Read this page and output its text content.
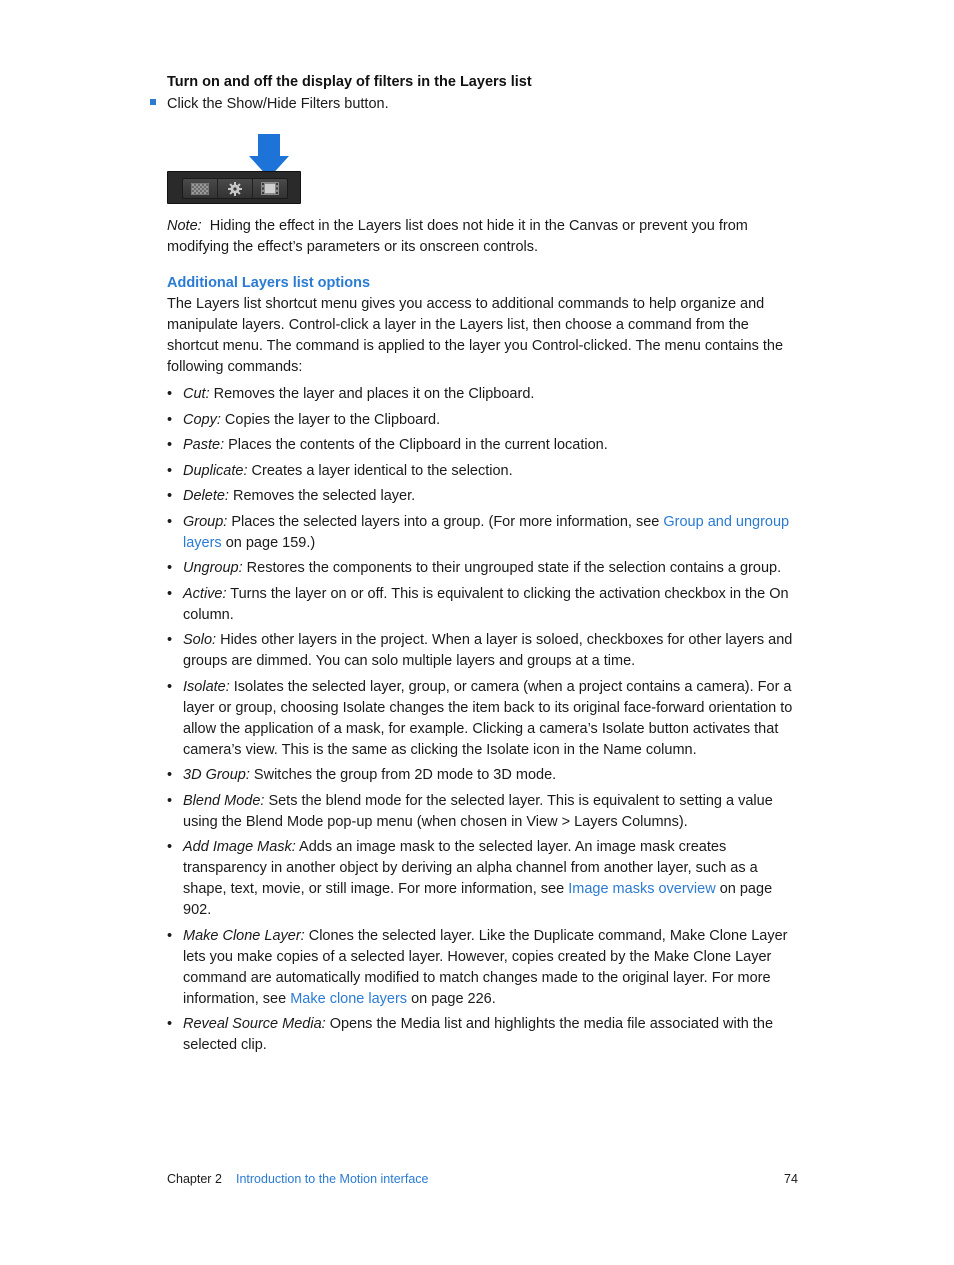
Turn on and off the display of filters in the Layers list
Click the Show/Hide Filters button.
Note: Hiding the effect in the Layers list does not hide it in the Canvas or prevent you from modifying the effect’s parameters or its onscreen controls.
Additional Layers list options
The Layers list shortcut menu gives you access to additional commands to help organize and manipulate layers. Control-click a layer in the Layers list, then choose a command from the shortcut menu. The command is applied to the layer you Control-clicked. The menu contains the following commands:
• Cut: Removes the layer and places it on the Clipboard.
• Copy: Copies the layer to the Clipboard.
• Paste: Places the contents of the Clipboard in the current location.
• Duplicate: Creates a layer identical to the selection.
• Delete: Removes the selected layer.
• Group: Places the selected layers into a group. (For more information, see Group and ungroup layers on page 159.)
• Ungroup: Restores the components to their ungrouped state if the selection contains a group.
• Active: Turns the layer on or off. This is equivalent to clicking the activation checkbox in the On column.
• Solo: Hides other layers in the project. When a layer is soloed, checkboxes for other layers and groups are dimmed. You can solo multiple layers and groups at a time.
• Isolate: Isolates the selected layer, group, or camera (when a project contains a camera). For a layer or group, choosing Isolate changes the item back to its original face-forward orientation to allow the application of a mask, for example. Clicking a camera’s Isolate button activates that camera’s view. This is the same as clicking the Isolate icon in the Name column.
• 3D Group: Switches the group from 2D mode to 3D mode.
• Blend Mode: Sets the blend mode for the selected layer. This is equivalent to setting a value using the Blend Mode pop-up menu (when chosen in View > Layers Columns).
• Add Image Mask: Adds an image mask to the selected layer. An image mask creates transparency in another object by deriving an alpha channel from another layer, such as a shape, text, movie, or still image. For more information, see Image masks overview on page 902.
• Make Clone Layer: Clones the selected layer. Like the Duplicate command, Make Clone Layer lets you make copies of a selected layer. However, copies created by the Make Clone Layer command are automatically modified to match changes made to the original layer. For more information, see Make clone layers on page 226.
• Reveal Source Media: Opens the Media list and highlights the media file associated with the selected clip.
Chapter 2 Introduction to the Motion interface	74
